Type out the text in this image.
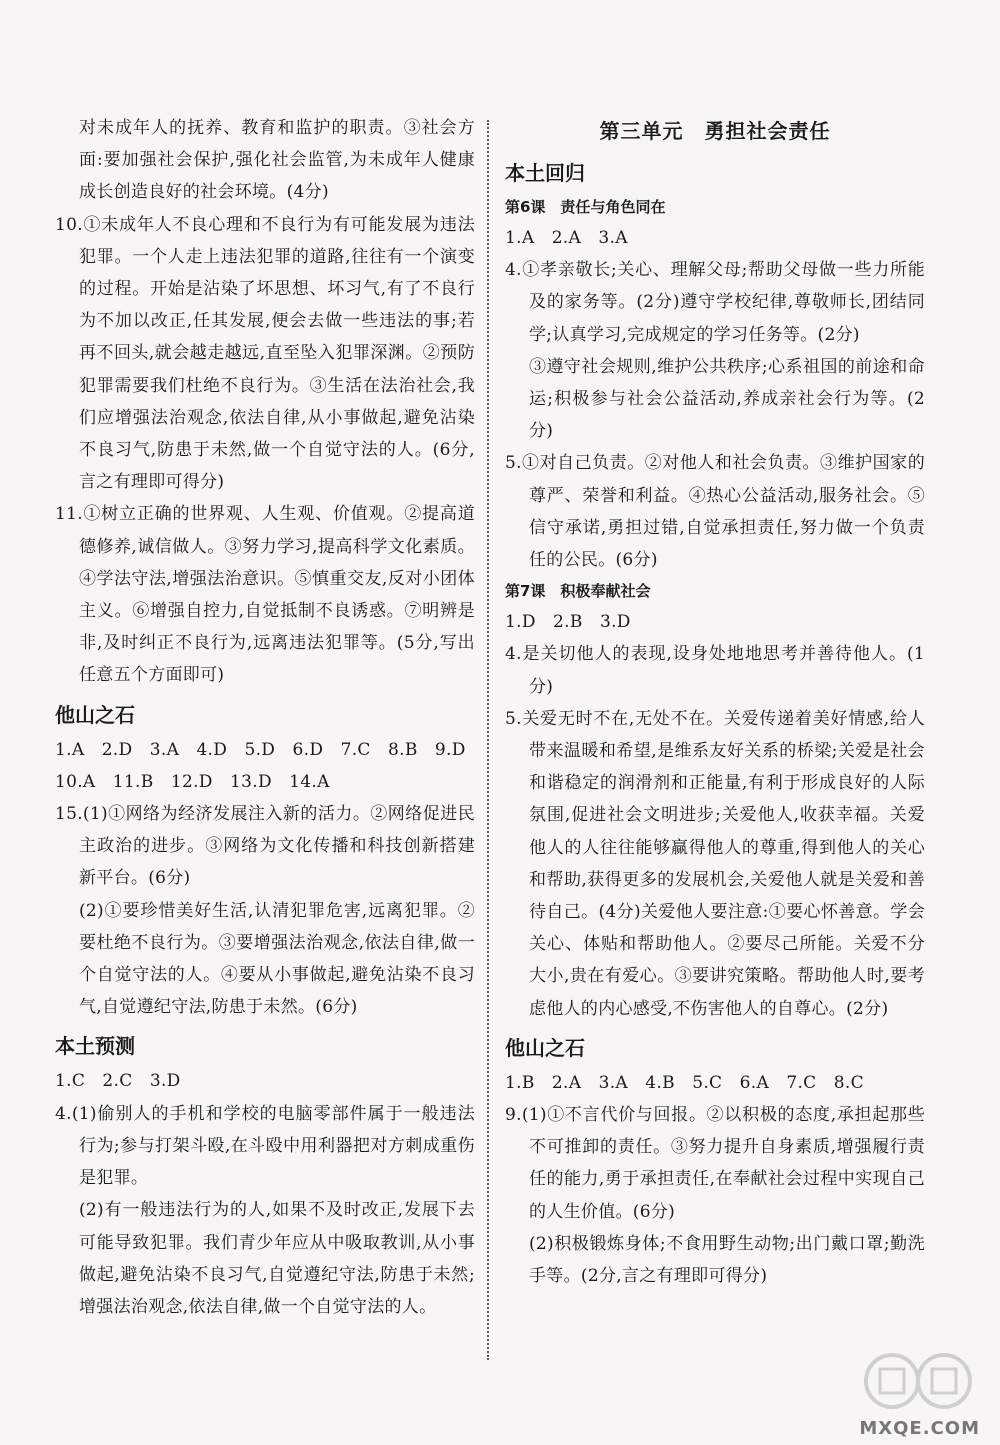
对未成年人的抚养、教育和监护的职责。③社会方面:要加强社会保护,强化社会监管,为未成年人健康成长创造良好的社会环境。(4分)
10.①未成年人不良心理和不良行为有可能发展为违法犯罪。一个人走上违法犯罪的道路,往往有一个演变的过程。开始是沾染了坏思想、坏习气,有了不良行为不加以改正,任其发展,便会去做一些违法的事;若再不回头,就会越走越远,直至坠入犯罪深渊。②预防犯罪需要我们杜绝不良行为。③生活在法治社会,我们应增强法治观念,依法自律,从小事做起,避免沾染不良习气,防患于未然,做一个自觉守法的人。(6分,言之有理即可得分)
11.①树立正确的世界观、人生观、价值观。②提高道德修养,诚信做人。③努力学习,提高科学文化素质。④学法守法,增强法治意识。⑤慎重交友,反对小团体主义。⑥增强自控力,自觉抵制不良诱惑。⑦明辨是非,及时纠正不良行为,远离违法犯罪等。(5分,写出任意五个方面即可)
他山之石
1.A　2.D　3.A　4.D　5.D　6.D　7.C　8.B　9.D
10.A　11.B　12.D　13.D　14.A
15.(1)①网络为经济发展注入新的活力。②网络促进民主政治的进步。③网络为文化传播和科技创新搭建新平台。(6分)
(2)①要珍惜美好生活,认清犯罪危害,远离犯罪。②要杜绝不良行为。③要增强法治观念,依法自律,做一个自觉守法的人。④要从小事做起,避免沾染不良习气,自觉遵纪守法,防患于未然。(6分)
本土预测
1.C　2.C　3.D
4.(1)偷别人的手机和学校的电脑零部件属于一般违法行为;参与打架斗殴,在斗殴中用利器把对方刺成重伤是犯罪。
(2)有一般违法行为的人,如果不及时改正,发展下去可能导致犯罪。我们青少年应从中吸取教训,从小事做起,避免沾染不良习气,自觉遵纪守法,防患于未然;增强法治观念,依法自律,做一个自觉守法的人。
第三单元　勇担社会责任
本土回归
第6课　责任与角色同在
1.A　2.A　3.A
4.①孝亲敬长;关心、理解父母;帮助父母做一些力所能及的家务等。(2分)遵守学校纪律,尊敬师长,团结同学;认真学习,完成规定的学习任务等。(2分)
③遵守社会规则,维护公共秩序;心系祖国的前途和命运;积极参与社会公益活动,养成亲社会行为等。(2分)
5.①对自己负责。②对他人和社会负责。③维护国家的尊严、荣誉和利益。④热心公益活动,服务社会。⑤信守承诺,勇担过错,自觉承担责任,努力做一个负责任的公民。(6分)
第7课　积极奉献社会
1.D　2.B　3.D
4.是关切他人的表现,设身处地地思考并善待他人。(1分)
5.关爱无时不在,无处不在。关爱传递着美好情感,给人带来温暖和希望,是维系友好关系的桥梁;关爱是社会和谐稳定的润滑剂和正能量,有利于形成良好的人际氛围,促进社会文明进步;关爱他人,收获幸福。关爱他人的人往往能够赢得他人的尊重,得到他人的关心和帮助,获得更多的发展机会,关爱他人就是关爱和善待自己。(4分)关爱他人要注意:①要心怀善意。学会关心、体贴和帮助他人。②要尽己所能。关爱不分大小,贵在有爱心。③要讲究策略。帮助他人时,要考虑他人的内心感受,不伤害他人的自尊心。(2分)
他山之石
1.B　2.A　3.A　4.B　5.C　6.A　7.C　8.C
9.(1)①不言代价与回报。②以积极的态度,承担起那些不可推卸的责任。③努力提升自身素质,增强履行责任的能力,勇于承担责任,在奉献社会过程中实现自己的人生价值。(6分)
(2)积极锻炼身体;不食用野生动物;出门戴口罩;勤洗手等。(2分,言之有理即可得分)
MXQE.COM
